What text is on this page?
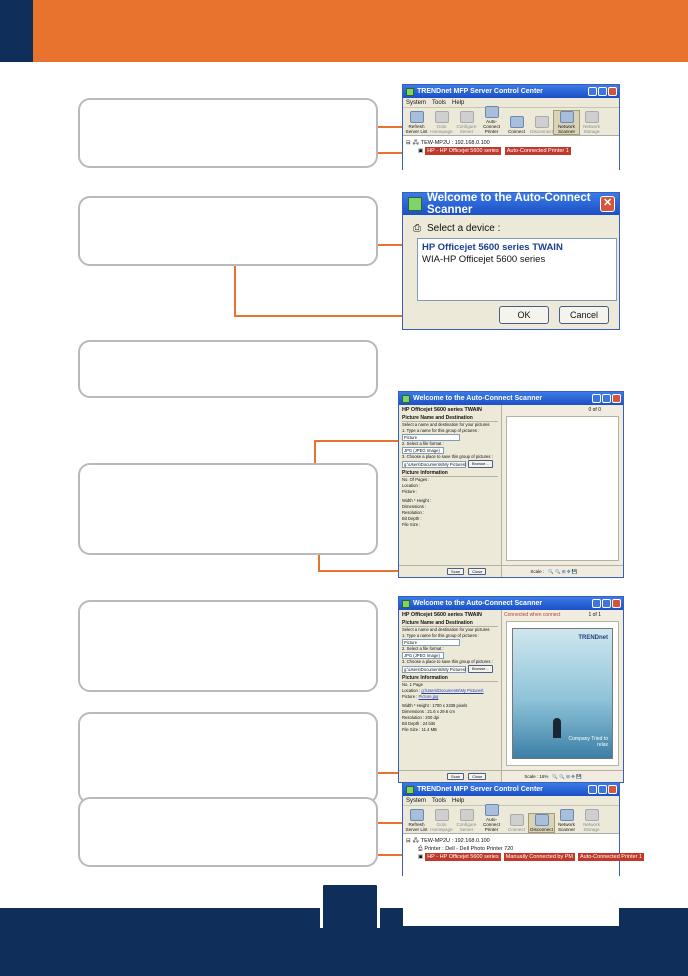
TRENDnet MFP Server Control Center
System Tools Help
Refresh Server List
Goto Homepage
Configure Server
Auto-Connect Printer	Connect Disconnect
Network Scanner
Network Storage
⊟ 🖧 TEW-MP2U : 192.168.0.100
▣ HP - HP Officejet 5600 series	Auto-Connected Printer 1
Welcome to the Auto-Connect Scanner
✕
⎙ Select a device :
HP Officejet 5600 series TWAIN
WIA-HP Officejet 5600 series
OK	Cancel
Welcome to the Auto-Connect Scanner
HP Officejet 5600 series TWAIN
Picture Name and Destination
Select a name and destination for your pictures
1. Type a name for this group of pictures :
Picture
2. Select a file format :
JPG (JPEG Image)
3. Choose a place to save this group of pictures :
g:\Users\Documents\My Pictures\	Browse...
Picture Information
No. Of Pages :
Location :
Picture :
Width * Height :
Dimensions :
Resolution :
Bit Depth :
File Size :
0 of 0
Scan	Close	Scale : 🔍 🔍 ⊞ ✥ 💾
Welcome to the Auto-Connect Scanner
HP Officejet 5600 series TWAIN
Picture Name and Destination
Select a name and destination for your pictures
1. Type a name for this group of pictures :
Picture
2. Select a file format :
JPG (JPEG Image)
3. Choose a place to save this group of pictures :
g:\Users\Documents\My Pictures\	Browse...
Picture Information
No. 1 Page
Location : g:\Users\Documents\My Pictures\
Picture : Picture.jpg
Width * Height : 1700 x 2338 pixels
Dimensions : 21.6 x 29.6 cm
Resolution : 200 dpi
Bit Depth : 24 bits
File Size : 11.4 MB
Connected when connect	1 of 1
TRENDnet
Company Tried to relax
Scan	Close	Scale : 16% 🔍 🔍 ⊞ ✥ 💾
TRENDnet MFP Server Control Center
System Tools Help
Refresh Server List
Goto Homepage
Configure Server
Auto-Connect Printer	Connect Disconnect
Network Scanner
Network Storage
⊟ 🖧 TEW-MP2U : 192.168.0.100
⎙ Printer : Dell - Dell Photo Printer 720
▣ HP - HP Officejet 5600 series	Manually Connected by PM	Auto-Connected Printer 1
